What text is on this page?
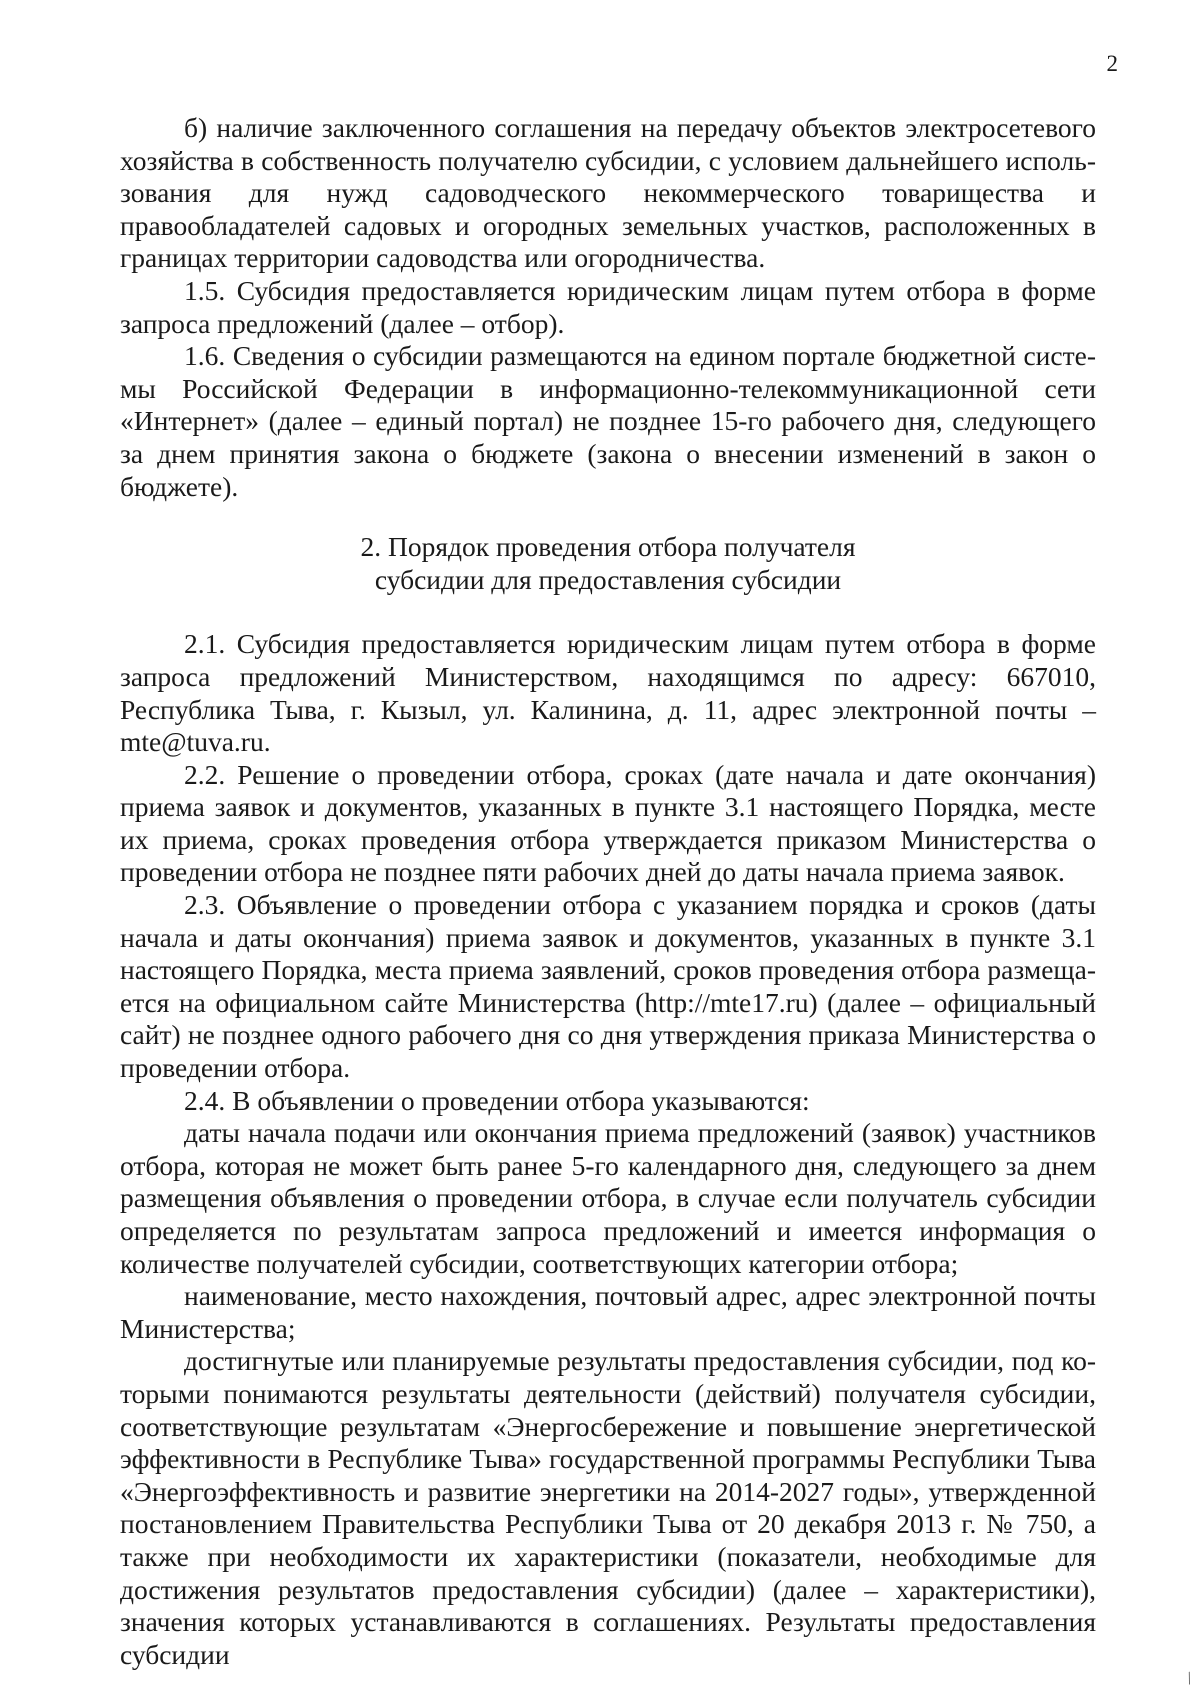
2

б) наличие заключенного соглашения на передачу объектов электросетевого хозяйства в собственность получателю субсидии, с условием дальнейшего использования для нужд садоводческого некоммерческого товарищества и правообладателей садовых и огородных земельных участков, расположенных в границах территории садоводства или огородничества.

1.5. Субсидия предоставляется юридическим лицам путем отбора в форме запроса предложений (далее – отбор).

1.6. Сведения о субсидии размещаются на едином портале бюджетной системы Российской Федерации в информационно-телекоммуникационной сети «Интернет» (далее – единый портал) не позднее 15-го рабочего дня, следующего за днем принятия закона о бюджете (закона о внесении изменений в закон о бюджете).

2. Порядок проведения отбора получателя
субсидии для предоставления субсидии

2.1. Субсидия предоставляется юридическим лицам путем отбора в форме запроса предложений Министерством, находящимся по адресу: 667010, Республика Тыва, г. Кызыл, ул. Калинина, д. 11, адрес электронной почты – mte@tuva.ru.

2.2. Решение о проведении отбора, сроках (дате начала и дате окончания) приема заявок и документов, указанных в пункте 3.1 настоящего Порядка, месте их приема, сроках проведения отбора утверждается приказом Министерства о проведении отбора не позднее пяти рабочих дней до даты начала приема заявок.

2.3. Объявление о проведении отбора с указанием порядка и сроков (даты начала и даты окончания) приема заявок и документов, указанных в пункте 3.1 настоящего Порядка, места приема заявлений, сроков проведения отбора размещается на официальном сайте Министерства (http://mte17.ru) (далее – официальный сайт) не позднее одного рабочего дня со дня утверждения приказа Министерства о проведении отбора.

2.4. В объявлении о проведении отбора указываются:

даты начала подачи или окончания приема предложений (заявок) участников отбора, которая не может быть ранее 5-го календарного дня, следующего за днем размещения объявления о проведении отбора, в случае если получатель субсидии определяется по результатам запроса предложений и имеется информация о количестве получателей субсидии, соответствующих категории отбора;

наименование, место нахождения, почтовый адрес, адрес электронной почты Министерства;

достигнутые или планируемые результаты предоставления субсидии, под которыми понимаются результаты деятельности (действий) получателя субсидии, соответствующие результатам «Энергосбережение и повышение энергетической эффективности в Республике Тыва» государственной программы Республики Тыва «Энергоэффективность и развитие энергетики на 2014-2027 годы», утвержденной постановлением Правительства Республики Тыва от 20 декабря 2013 г. № 750, а также при необходимости их характеристики (показатели, необходимые для достижения результатов предоставления субсидии) (далее – характеристики), значения которых устанавливаются в соглашениях. Результаты предоставления субсидии

/
